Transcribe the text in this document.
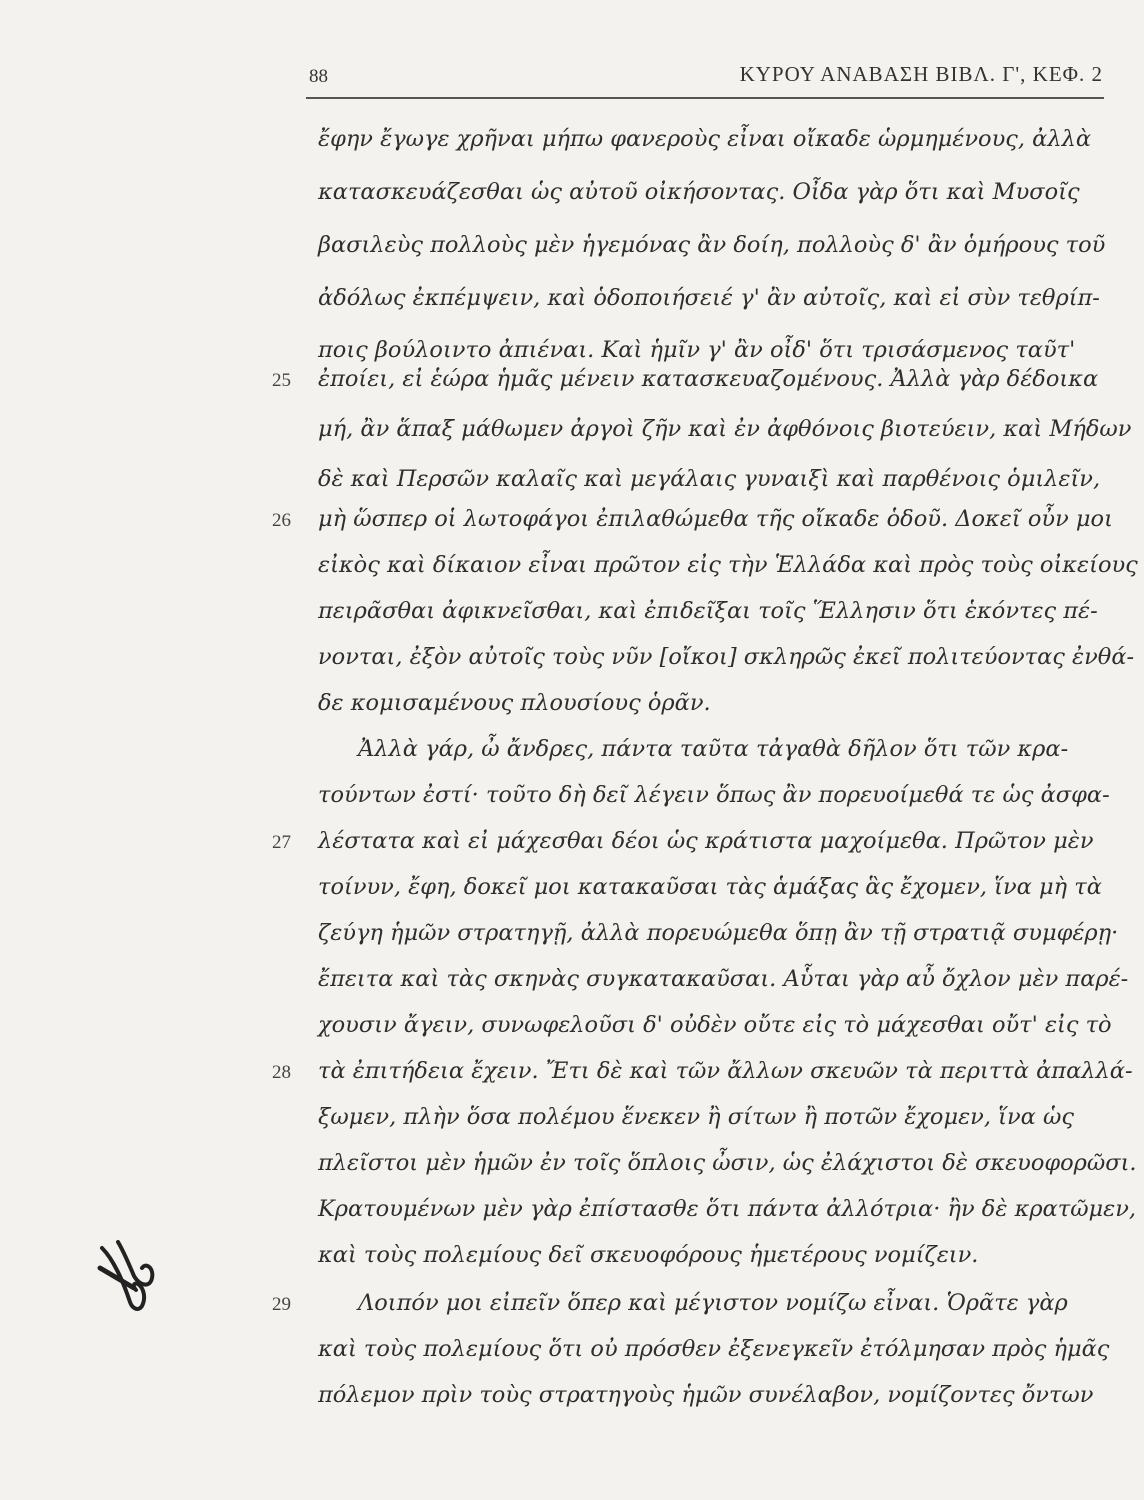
88	ΚΥΡΟΥ ΑΝΑΒΑΣΗ ΒΙΒΛ. Γ', ΚΕΦ. 2
ἔφην ἔγωγε χρῆναι μήπω φανεροὺς εἶναι οἴκαδε ὡρμημένους, ἀλλὰ
κατασκευάζεσθαι ὡς αὐτοῦ οἰκήσοντας. Οἶδα γὰρ ὅτι καὶ Μυσοῖς
βασιλεὺς πολλοὺς μὲν ἡγεμόνας ἂν δοίη, πολλοὺς δ' ἂν ὁμήρους τοῦ
ἀδόλως ἐκπέμψειν, καὶ ὁδοποιήσειέ γ' ἂν αὐτοῖς, καὶ εἰ σὺν τεθρίπ-
ποις βούλοιντο ἀπιέναι. Καὶ ἡμῖν γ' ἂν οἶδ' ὅτι τρισάσμενος ταῦτ'
25 ἐποίει, εἰ ἑώρα ἡμᾶς μένειν κατασκευαζομένους. Ἀλλὰ γὰρ δέδοικα
μή, ἂν ἅπαξ μάθωμεν ἀργοὶ ζῆν καὶ ἐν ἀφθόνοις βιοτεύειν, καὶ Μήδων
δὲ καὶ Περσῶν καλαῖς καὶ μεγάλαις γυναιξὶ καὶ παρθένοις ὁμιλεῖν,
26 μὴ ὥσπερ οἱ λωτοφάγοι ἐπιλαθώμεθα τῆς οἴκαδε ὁδοῦ. Δοκεῖ οὖν μοι
εἰκὸς καὶ δίκαιον εἶναι πρῶτον εἰς τὴν Ἑλλάδα καὶ πρὸς τοὺς οἰκείους
πειρᾶσθαι ἀφικνεῖσθαι, καὶ ἐπιδεῖξαι τοῖς Ἕλλησιν ὅτι ἑκόντες πέ-
νονται, ἐξὸν αὐτοῖς τοὺς νῦν [οἴκοι] σκληρῶς ἐκεῖ πολιτεύοντας ἐνθά-
δε κομισαμένους πλουσίους ὁρᾶν.
Ἀλλὰ γάρ, ὦ ἄνδρες, πάντα ταῦτα τἀγαθὰ δῆλον ὅτι τῶν κρα-
τούντων ἐστί· τοῦτο δὴ δεῖ λέγειν ὅπως ἂν πορευοίμεθά τε ὡς ἀσφα-
27 λέστατα καὶ εἰ μάχεσθαι δέοι ὡς κράτιστα μαχοίμεθα. Πρῶτον μὲν
τοίνυν, ἔφη, δοκεῖ μοι κατακαῦσαι τὰς ἁμάξας ἃς ἔχομεν, ἵνα μὴ τὰ
ζεύγη ἡμῶν στρατηγῇ, ἀλλὰ πορευώμεθα ὅπῃ ἂν τῇ στρατιᾷ συμφέρῃ·
ἔπειτα καὶ τὰς σκηνὰς συγκατακαῦσαι. Αὗται γὰρ αὖ ὄχλον μὲν παρέ-
χουσιν ἄγειν, συνωφελοῦσι δ' οὐδὲν οὔτε εἰς τὸ μάχεσθαι οὔτ' εἰς τὸ
28 τὰ ἐπιτήδεια ἔχειν. Ἔτι δὲ καὶ τῶν ἄλλων σκευῶν τὰ περιττὰ ἀπαλλά-
ξωμεν, πλὴν ὅσα πολέμου ἕνεκεν ἢ σίτων ἢ ποτῶν ἔχομεν, ἵνα ὡς
πλεῖστοι μὲν ἡμῶν ἐν τοῖς ὅπλοις ὦσιν, ὡς ἐλάχιστοι δὲ σκευοφορῶσι.
Κρατουμένων μὲν γὰρ ἐπίστασθε ὅτι πάντα ἀλλότρια· ἢν δὲ κρατῶμεν,
καὶ τοὺς πολεμίους δεῖ σκευοφόρους ἡμετέρους νομίζειν.
29	Λοιπόν μοι εἰπεῖν ὅπερ καὶ μέγιστον νομίζω εἶναι. Ὁρᾶτε γὰρ
καὶ τοὺς πολεμίους ὅτι οὐ πρόσθεν ἐξενεγκεῖν ἐτόλμησαν πρὸς ἡμᾶς
πόλεμον πρὶν τοὺς στρατηγοὺς ἡμῶν συνέλαβον, νομίζοντες ὄντων
